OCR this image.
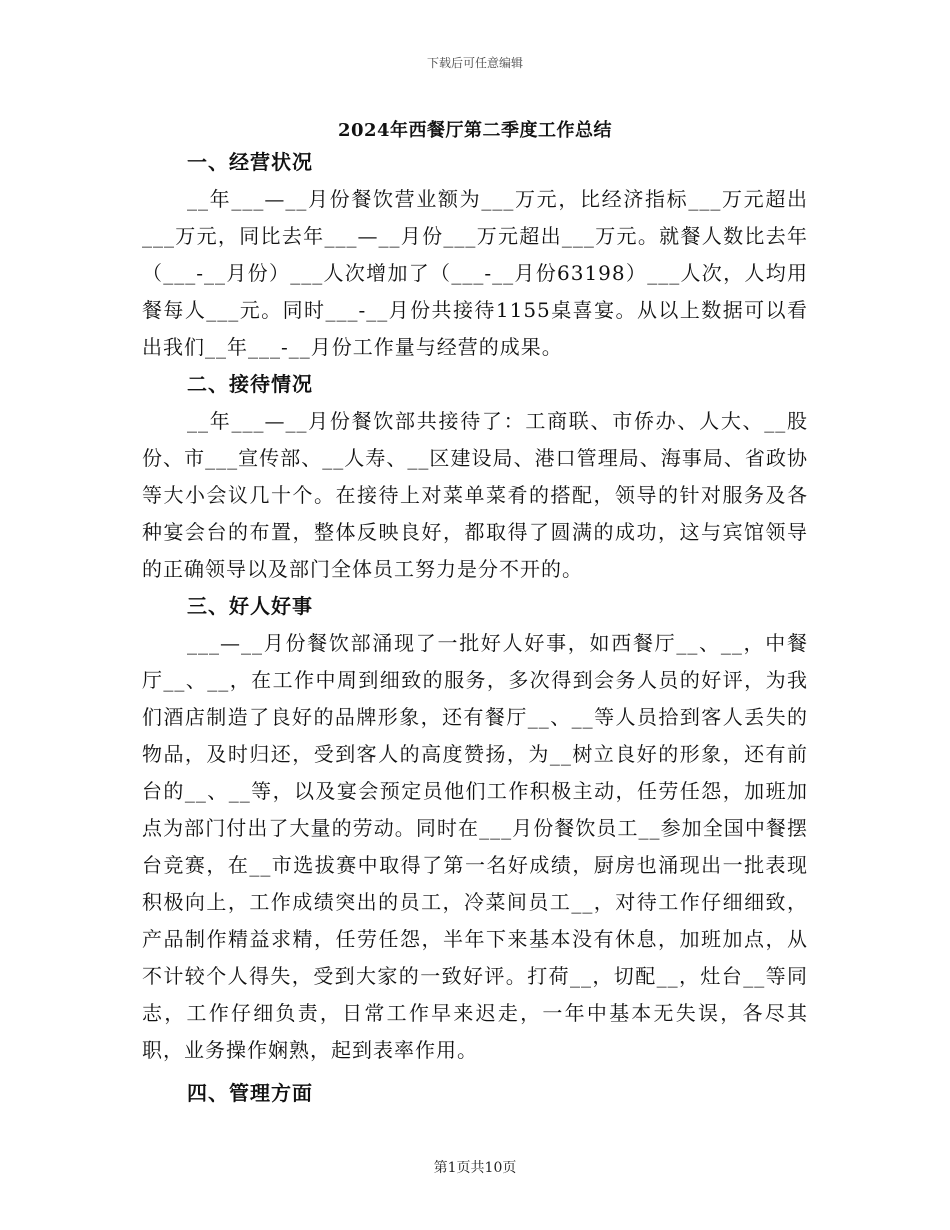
下载后可任意编辑
2024年西餐厅第二季度工作总结
一、经营状况

__年___—__月份餐饮营业额为___万元，比经济指标___万元超出___万元，同比去年___—__月份___万元超出___万元。就餐人数比去年（___-__月份）___人次增加了（___-__月份63198）___人次，人均用餐每人___元。同时___-__月份共接待1155桌喜宴。从以上数据可以看出我们__年___-__月份工作量与经营的成果。

二、接待情况

__年___—__月份餐饮部共接待了：工商联、市侨办、人大、__股份、市___宣传部、__人寿、__区建设局、港口管理局、海事局、省政协等大小会议几十个。在接待上对菜单菜肴的搭配，领导的针对服务及各种宴会台的布置，整体反映良好，都取得了圆满的成功，这与宾馆领导的正确领导以及部门全体员工努力是分不开的。

三、好人好事

___—__月份餐饮部涌现了一批好人好事，如西餐厅__、__，中餐厅__、__，在工作中周到细致的服务，多次得到会务人员的好评，为我们酒店制造了良好的品牌形象，还有餐厅__、__等人员拾到客人丢失的物品，及时归还，受到客人的高度赞扬，为__树立良好的形象，还有前台的__、__等，以及宴会预定员他们工作积极主动，任劳任怨，加班加点为部门付出了大量的劳动。同时在___月份餐饮员工__参加全国中餐摆台竞赛，在__市选拔赛中取得了第一名好成绩，厨房也涌现出一批表现积极向上，工作成绩突出的员工，冷菜间员工__，对待工作仔细细致，产品制作精益求精，任劳任怨，半年下来基本没有休息，加班加点，从不计较个人得失，受到大家的一致好评。打荷__，切配__，灶台__等同志，工作仔细负责，日常工作早来迟走，一年中基本无失误，各尽其职，业务操作娴熟，起到表率作用。

四、管理方面
第1页共10页
